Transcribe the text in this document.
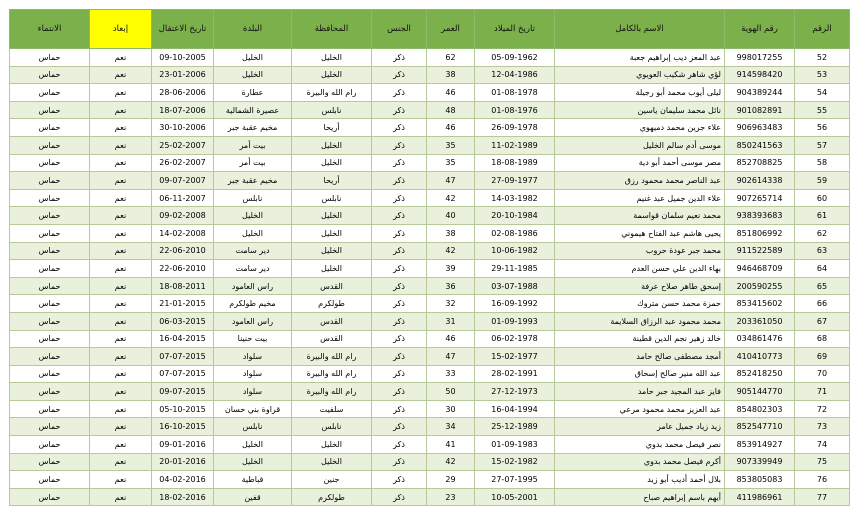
الرقم	رقم الهوية	الاسم بالكامل	تاريخ الميلاد	العمر	الجنس	المحافظة	البلدة	تاريخ الاعتقال	إبعاد	الانتماء
52	998017255	عبد المعز ديب إبراهيم جعبة	05-09-1962	62	ذكر	الخليل	الخليل	09-10-2005	نعم	حماس
53	914598420	لؤي شاهر شكيب العويوي	12-04-1986	38	ذكر	الخليل	الخليل	23-01-2006	نعم	حماس
54	904389244	ليلى أيوب محمد أبو رجيلة	01-08-1978	46	ذكر	رام الله والبيرة	عطارة	28-06-2006	نعم	حماس
55	901082891	نائل محمد سليمان ياسين	01-08-1976	48	ذكر	نابلس	عصيرة الشمالية	18-07-2006	نعم	حماس
56	906963483	علاء جرين محمد دميهوي	26-09-1978	46	ذكر	أريحا	مخيم عقبة جبر	30-10-2006	نعم	حماس
57	850241563	موسى أدم سالم الخليل	11-02-1989	35	ذكر	الخليل	بيت أمر	25-02-2007	نعم	حماس
58	852708825	مصر موسى أحمد أبو دية	18-08-1989	35	ذكر	الخليل	بيت أمر	26-02-2007	نعم	حماس
59	902614338	عبد الناصر محمد محمود رزق	27-09-1977	47	ذكر	أريحا	مخيم عقبة جبر	09-07-2007	نعم	حماس
60	907265714	علاء الدين جميل عبد غنيم	14-03-1982	42	ذكر	نابلس	نابلس	06-11-2007	نعم	حماس
61	938393683	محمد نعيم سلمان قواسمة	20-10-1984	40	ذكر	الخليل	الخليل	09-02-2008	نعم	حماس
62	851806992	يحيى هاشم عبد الفتاح هيموني	02-08-1986	38	ذكر	الخليل	الخليل	14-02-2008	نعم	حماس
63	911522589	محمد جبر عودة حروب	10-06-1982	42	ذكر	الخليل	دير سامت	22-06-2010	نعم	حماس
64	946468709	بهاء الدين علي حسن العدم	29-11-1985	39	ذكر	الخليل	دير سامت	22-06-2010	نعم	حماس
65	200590255	إسحق طاهر صلاح عرفة	03-07-1988	36	ذكر	القدس	راس العامود	18-08-2011	نعم	حماس
66	853415602	حمزة محمد حسن متروك	16-09-1992	32	ذكر	طولكرم	مخيم طولكرم	21-01-2015	نعم	حماس
67	203361050	محمد محمود عبد الرزاق السلايمة	01-09-1993	31	ذكر	القدس	راس العامود	06-03-2015	نعم	حماس
68	034861476	خالد زهير نجم الدين قطينة	06-02-1978	46	ذكر	القدس	بيت حنينا	16-04-2015	نعم	حماس
69	410410773	أمجد مصطفى صالح حامد	15-02-1977	47	ذكر	رام الله والبيرة	سلواد	07-07-2015	نعم	حماس
70	852418250	عبد الله منير صالح إسحاق	28-02-1991	33	ذكر	رام الله والبيرة	سلواد	07-07-2015	نعم	حماس
71	905144770	فايز عبد المجيد جبر حامد	27-12-1973	50	ذكر	رام الله والبيرة	سلواد	09-07-2015	نعم	حماس
72	854802303	عبد العزيز محمد محمود مرعي	16-04-1994	30	ذكر	سلفيت	قراوة بني حسان	05-10-2015	نعم	حماس
73	852547710	زيد زياد جميل عامر	25-12-1989	34	ذكر	نابلس	نابلس	16-10-2015	نعم	حماس
74	853914927	نصر فيصل محمد بدوي	01-09-1983	41	ذكر	الخليل	الخليل	09-01-2016	نعم	حماس
75	907339949	أكرم فيصل محمد بدوي	15-02-1982	42	ذكر	الخليل	الخليل	20-01-2016	نعم	حماس
76	853805083	بلال أحمد أديب أبو زيد	27-07-1995	29	ذكر	جنين	قباطية	04-02-2016	نعم	حماس
77	411986961	أيهم باسم إبراهيم صباح	10-05-2001	23	ذكر	طولكرم	قفين	18-02-2016	نعم	حماس
